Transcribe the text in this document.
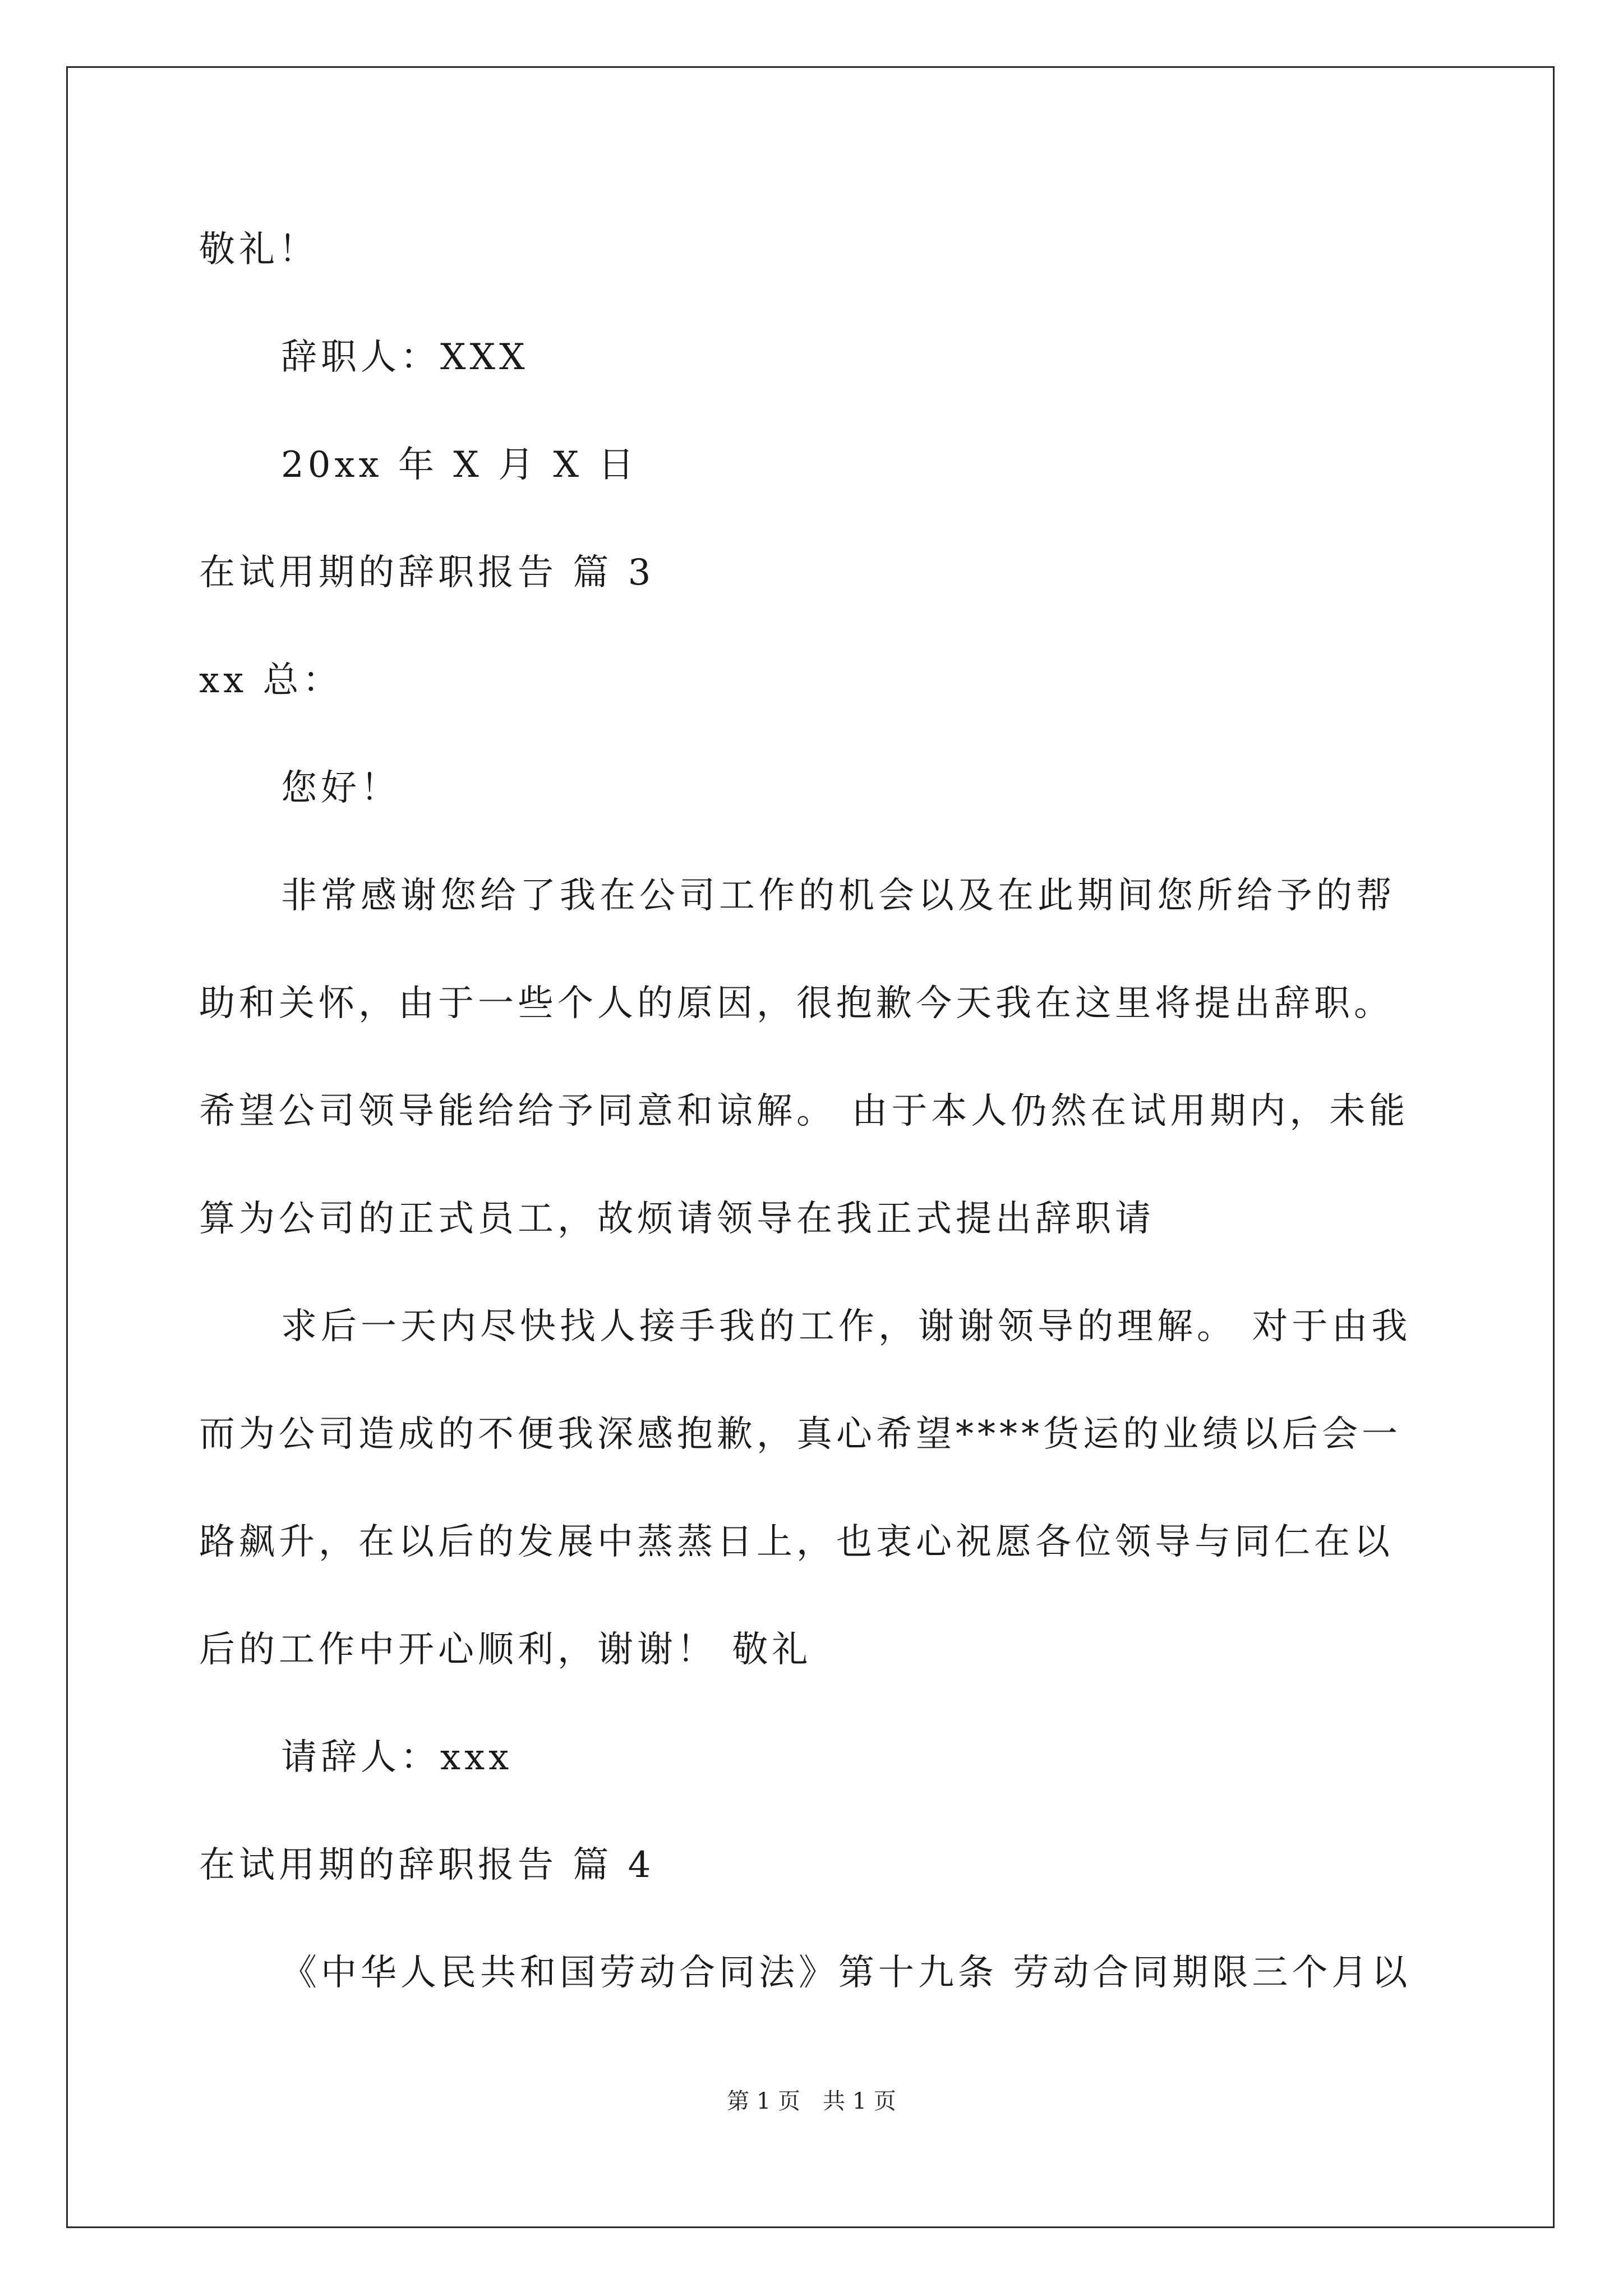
敬礼！
辞职人：XXX
20xx 年 X 月 X 日
在试用期的辞职报告 篇 3
xx 总：
您好！
非常感谢您给了我在公司工作的机会以及在此期间您所给予的帮
助和关怀，由于一些个人的原因，很抱歉今天我在这里将提出辞职。
希望公司领导能给给予同意和谅解。 由于本人仍然在试用期内，未能
算为公司的正式员工，故烦请领导在我正式提出辞职请
求后一天内尽快找人接手我的工作，谢谢领导的理解。 对于由我
而为公司造成的不便我深感抱歉，真心希望****货运的业绩以后会一
路飙升，在以后的发展中蒸蒸日上，也衷心祝愿各位领导与同仁在以
后的工作中开心顺利，谢谢！ 敬礼
请辞人：xxx
在试用期的辞职报告 篇 4
《中华人民共和国劳动合同法》第十九条 劳动合同期限三个月以
第 1 页　共 1 页
